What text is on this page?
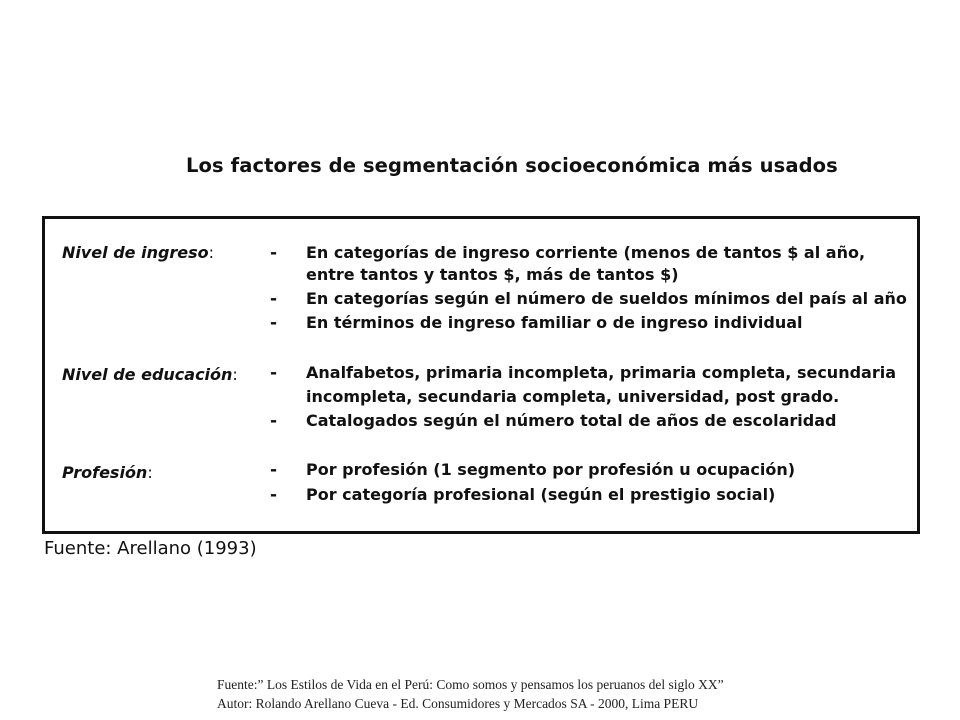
Los factores de segmentación socioeconómica más usados
Nivel de ingreso:	- En categorías de ingreso corriente (menos de tantos $ al año,
entre tantos y tantos $, más de tantos $)
- En categorías según el número de sueldos mínimos del país al año
- En términos de ingreso familiar o de ingreso individual
Nivel de educación: - Analfabetos, primaria incompleta, primaria completa, secundaria
incompleta, secundaria completa, universidad, post grado.
- Catalogados según el número total de años de escolaridad
Profesión:	- Por profesión (1 segmento por profesión u ocupación)
- Por categoría profesional (según el prestigio social)
Fuente: Arellano (1993)
Fuente:” Los Estilos de Vida en el Perú: Como somos y pensamos los peruanos del siglo XX”
Autor: Rolando Arellano Cueva - Ed. Consumidores y Mercados SA - 2000, Lima PERU
